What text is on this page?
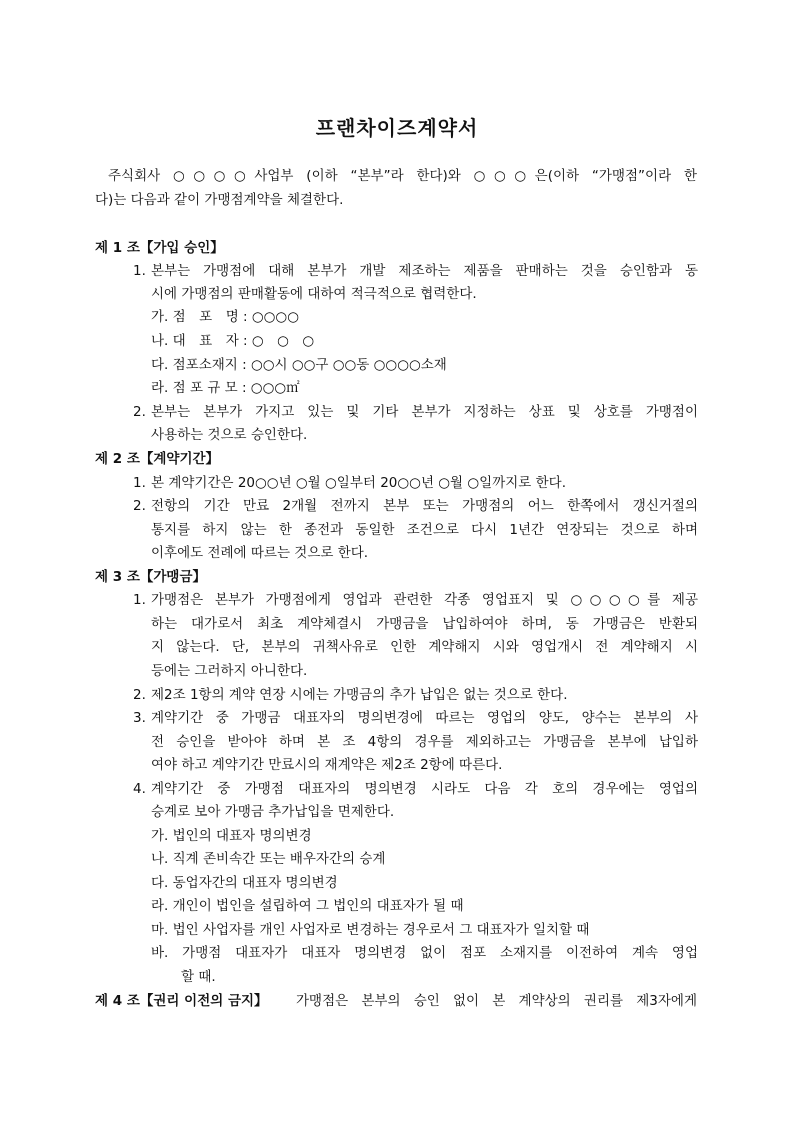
프랜차이즈계약서
주식회사 ○○○○사업부 (이하 “본부”라 한다)와 ○○○은(이하 “가맹점”이라 한
다)는 다음과 같이 가맹점계약을 체결한다.
제 1 조【가입 승인】
1. 본부는 가맹점에 대해 본부가 개발 제조하는 제품을 판매하는 것을 승인함과 동
시에 가맹점의 판매활동에 대하여 적극적으로 협력한다.
가. 점　포　명 : ○○○○
나. 대　표　자 : ○　○　○
다. 점포소재지 : ○○시 ○○구 ○○동 ○○○○소재
라. 점 포 규 모 : ○○○㎡
2. 본부는 본부가 가지고 있는 및 기타 본부가 지정하는 상표 및 상호를 가맹점이
사용하는 것으로 승인한다.
제 2 조【계약기간】
1. 본 계약기간은 20○○년 ○월 ○일부터 20○○년 ○월 ○일까지로 한다.
2. 전항의 기간 만료 2개월 전까지 본부 또는 가맹점의 어느 한쪽에서 갱신거절의
통지를 하지 않는 한 종전과 동일한 조건으로 다시 1년간 연장되는 것으로 하며
이후에도 전례에 따르는 것으로 한다.
제 3 조【가맹금】
1. 가맹점은 본부가 가맹점에게 영업과 관련한 각종 영업표지 및 ○○○○를 제공
하는 대가로서 최초 계약체결시 가맹금을 납입하여야 하며, 동 가맹금은 반환되
지 않는다. 단, 본부의 귀책사유로 인한 계약해지 시와 영업개시 전 계약해지 시
등에는 그러하지 아니한다.
2. 제2조 1항의 계약 연장 시에는 가맹금의 추가 납입은 없는 것으로 한다.
3. 계약기간 중 가맹금 대표자의 명의변경에 따르는 영업의 양도, 양수는 본부의 사
전 승인을 받아야 하며 본 조 4항의 경우를 제외하고는 가맹금을 본부에 납입하
여야 하고 계약기간 만료시의 재계약은 제2조 2항에 따른다.
4. 계약기간 중 가맹점 대표자의 명의변경 시라도 다음 각 호의 경우에는 영업의
승계로 보아 가맹금 추가납입을 면제한다.
가. 법인의 대표자 명의변경
나. 직계 존비속간 또는 배우자간의 승계
다. 동업자간의 대표자 명의변경
라. 개인이 법인을 설립하여 그 법인의 대표자가 될 때
마. 법인 사업자를 개인 사업자로 변경하는 경우로서 그 대표자가 일치할 때
바. 가맹점 대표자가 대표자 명의변경 없이 점포 소재지를 이전하여 계속 영업
할 때.
제 4 조【권리 이전의 금지】 가맹점은 본부의 승인 없이 본 계약상의 권리를 제3자에게
